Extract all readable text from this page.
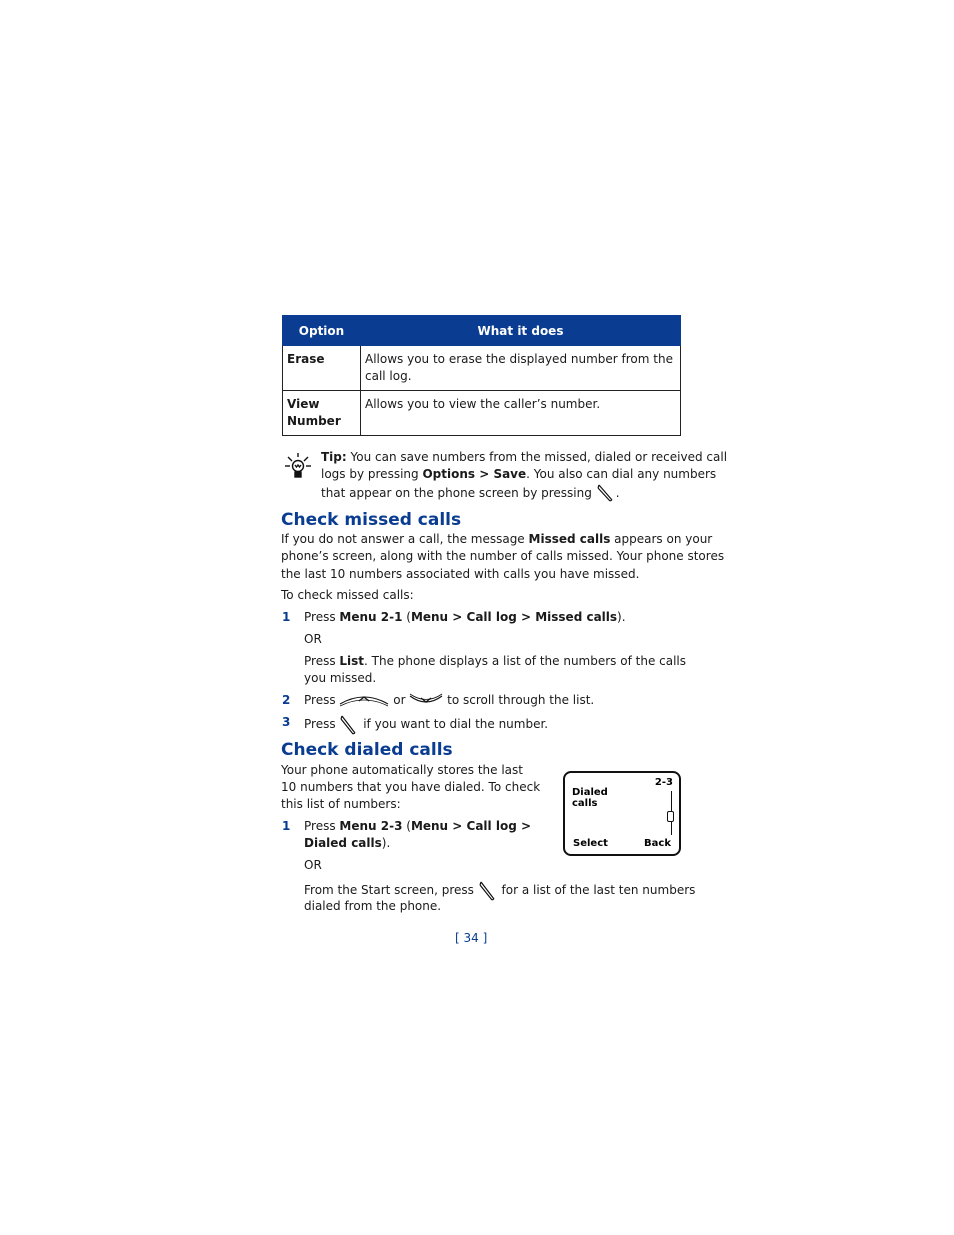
Option	What it does
Erase	Allows you to erase the displayed number from the
call log.

View
Number	Allows you to view the caller’s number.
Tip: You can save numbers from the missed, dialed or received call
logs by pressing Options > Save. You also can dial any numbers
that appear on the phone screen by pressing .
Check missed calls
If you do not answer a call, the message Missed calls appears on your
phone’s screen, along with the number of calls missed. Your phone stores
the last 10 numbers associated with calls you have missed.
To check missed calls:
1 Press Menu 2-1 (Menu > Call log > Missed calls).
OR
Press List. The phone displays a list of the numbers of the calls
you missed.
2 Press	or	to scroll through the list.
3 Press  if you want to dial the number.
Check dialed calls
Your phone automatically stores the last
10 numbers that you have dialed. To check
this list of numbers:
1 Press Menu 2-3 (Menu > Call log >
Dialed calls).
OR
From the Start screen, press  for a list of the last ten numbers
dialed from the phone.
2-3
Dialed
calls
Select	Back
[ 34 ]
